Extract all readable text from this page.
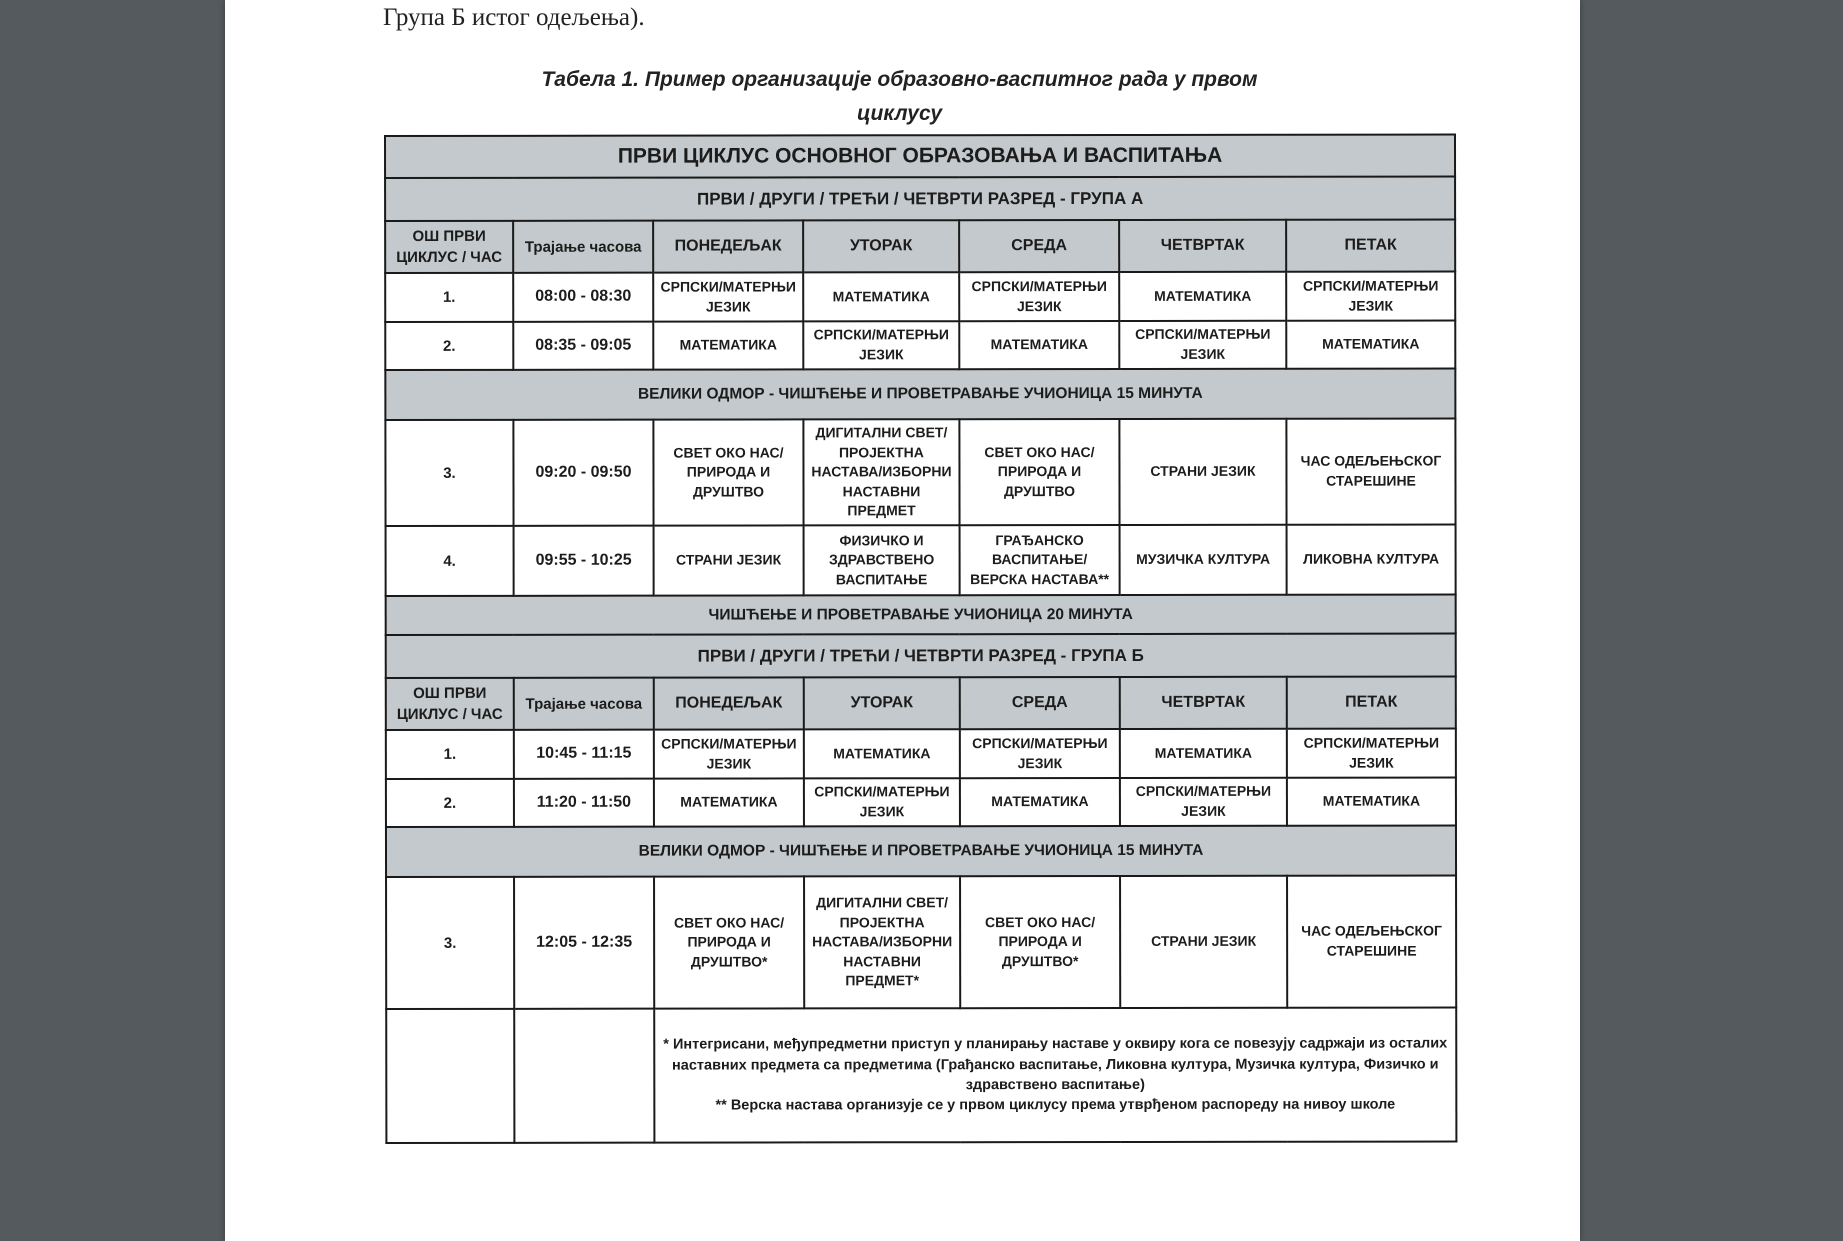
Група Б истог одељења).
Табела 1. Пример организације образовно-васпитног рада у првом
циклусу
ПРВИ ЦИКЛУС ОСНОВНОГ ОБРАЗОВАЊА И ВАСПИТАЊА						
ПРВИ / ДРУГИ / ТРЕЋИ / ЧЕТВРТИ РАЗРЕД - ГРУПА А						
ОШ ПРВИ ЦИКЛУС / ЧАС	Трајање часова	ПОНЕДЕЉАК	УТОРАК	СРЕДА	ЧЕТВРТАК	ПЕТАК
1.	08:00 - 08:30	СРПСКИ/МАТЕРЊИ ЈЕЗИК	МАТЕМАТИКА	СРПСКИ/МАТЕРЊИ ЈЕЗИК	МАТЕМАТИКА	СРПСКИ/МАТЕРЊИ ЈЕЗИК
2.	08:35 - 09:05	МАТЕМАТИКА	СРПСКИ/МАТЕРЊИ ЈЕЗИК	МАТЕМАТИКА	СРПСКИ/МАТЕРЊИ ЈЕЗИК	МАТЕМАТИКА
ВЕЛИКИ ОДМОР - ЧИШЋЕЊЕ И ПРОВЕТРАВАЊЕ УЧИОНИЦА 15 МИНУТА						
3.	09:20 - 09:50	СВЕТ ОКО НАС/ПРИРОДА И ДРУШТВО	ДИГИТАЛНИ СВЕТ/ПРОЈЕКТНА НАСТАВА/ИЗБОРНИ НАСТАВНИ ПРЕДМЕТ	СВЕТ ОКО НАС/ПРИРОДА И ДРУШТВО	СТРАНИ ЈЕЗИК	ЧАС ОДЕЉЕЊСКОГ СТАРЕШИНЕ
4.	09:55 - 10:25	СТРАНИ ЈЕЗИК	ФИЗИЧКО И ЗДРАВСТВЕНО ВАСПИТАЊЕ	ГРАЂАНСКО ВАСПИТАЊЕ/ВЕРСКА НАСТАВА**	МУЗИЧКА КУЛТУРА	ЛИКОВНА КУЛТУРА
ЧИШЋЕЊЕ И ПРОВЕТРАВАЊЕ УЧИОНИЦА 20 МИНУТА						
ПРВИ / ДРУГИ / ТРЕЋИ / ЧЕТВРТИ РАЗРЕД - ГРУПА Б						
ОШ ПРВИ ЦИКЛУС / ЧАС	Трајање часова	ПОНЕДЕЉАК	УТОРАК	СРЕДА	ЧЕТВРТАК	ПЕТАК
1.	10:45 - 11:15	СРПСКИ/МАТЕРЊИ ЈЕЗИК	МАТЕМАТИКА	СРПСКИ/МАТЕРЊИ ЈЕЗИК	МАТЕМАТИКА	СРПСКИ/МАТЕРЊИ ЈЕЗИК
2.	11:20 - 11:50	МАТЕМАТИКА	СРПСКИ/МАТЕРЊИ ЈЕЗИК	МАТЕМАТИКА	СРПСКИ/МАТЕРЊИ ЈЕЗИК	МАТЕМАТИКА
ВЕЛИКИ ОДМОР - ЧИШЋЕЊЕ И ПРОВЕТРАВАЊЕ УЧИОНИЦА 15 МИНУТА						
3.	12:05 - 12:35	СВЕТ ОКО НАС/ПРИРОДА И ДРУШТВО*	ДИГИТАЛНИ СВЕТ/ПРОЈЕКТНА НАСТАВА/ИЗБОРНИ НАСТАВНИ ПРЕДМЕТ*	СВЕТ ОКО НАС/ПРИРОДА И ДРУШТВО*	СТРАНИ ЈЕЗИК	ЧАС ОДЕЉЕЊСКОГ СТАРЕШИНЕ

		* Интегрисани, међупредметни приступ у планирању наставе у оквиру кога се повезују садржаји из осталих наставних предмета са предметима (Грађанско васпитање, Ликовна култура, Музичка култура, Физичко и здравствено васпитање)
** Верска настава организује се у првом циклусу према утврђеном распореду на нивоу школе				
